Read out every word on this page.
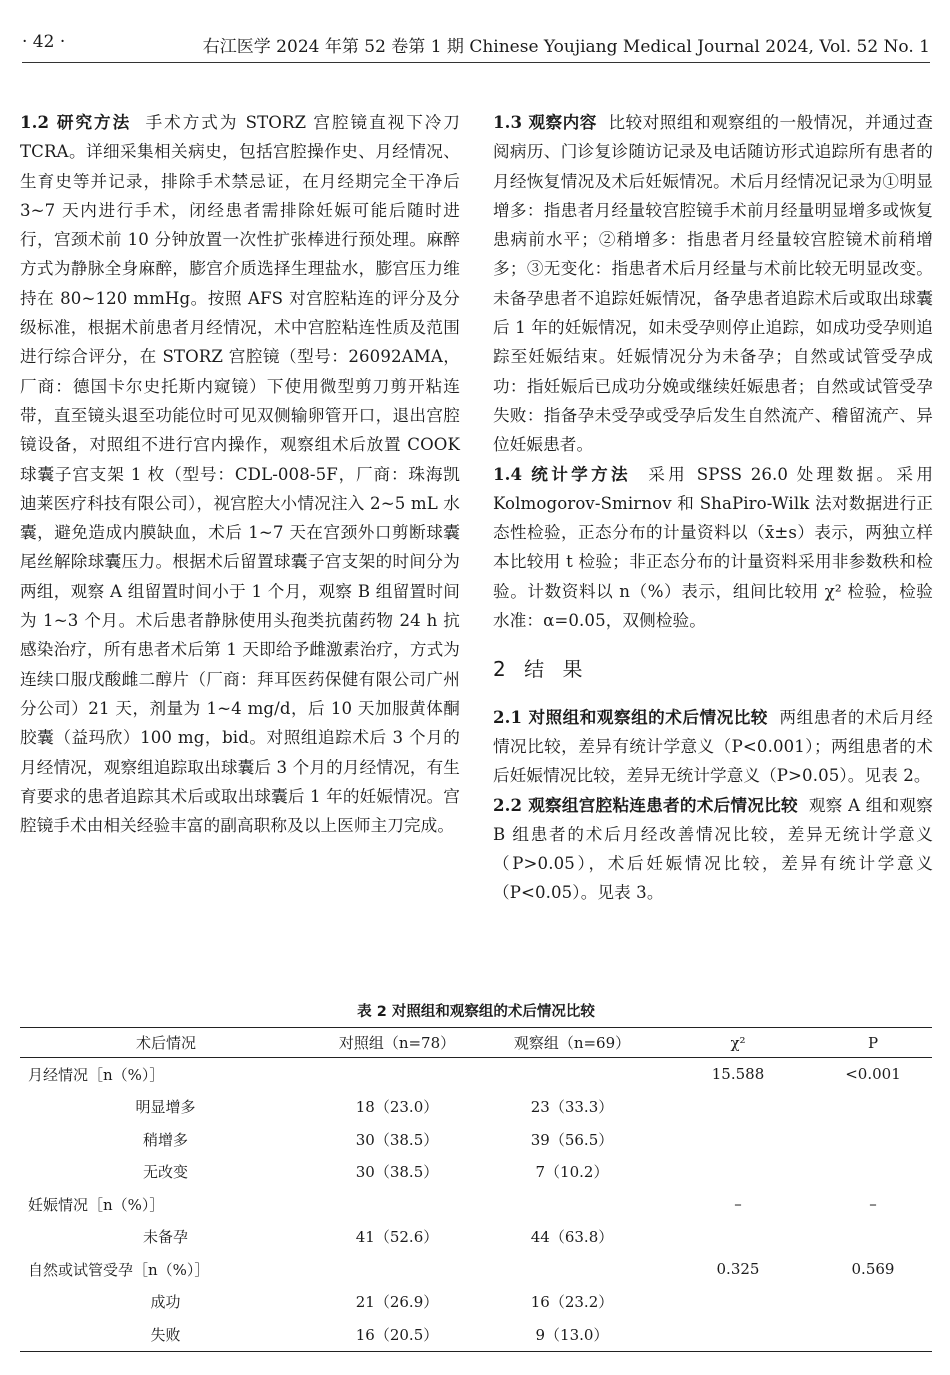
· 42 ·	右江医学 2024 年第 52 卷第 1 期 Chinese Youjiang Medical Journal 2024, Vol. 52 No. 1

1.2 研究方法 手术方式为 STORZ 宫腔镜直视下冷刀 TCRA。详细采集相关病史，包括宫腔操作史、月经情况、生育史等并记录，排除手术禁忌证，在月经期完全干净后 3~7 天内进行手术，闭经患者需排除妊娠可能后随时进行，宫颈术前 10 分钟放置一次性扩张棒进行预处理。麻醉方式为静脉全身麻醉，膨宫介质选择生理盐水，膨宫压力维持在 80~120 mmHg。按照 AFS 对宫腔粘连的评分及分级标准，根据术前患者月经情况，术中宫腔粘连性质及范围进行综合评分，在 STORZ 宫腔镜（型号：26092AMA，厂商：德国卡尔史托斯内窥镜）下使用微型剪刀剪开粘连带，直至镜头退至功能位时可见双侧输卵管开口，退出宫腔镜设备，对照组不进行宫内操作，观察组术后放置 COOK 球囊子宫支架 1 枚（型号：CDL-008-5F，厂商：珠海凯迪莱医疗科技有限公司），视宫腔大小情况注入 2~5 mL 水囊，避免造成内膜缺血，术后 1~7 天在宫颈外口剪断球囊尾丝解除球囊压力。根据术后留置球囊子宫支架的时间分为两组，观察 A 组留置时间小于 1 个月，观察 B 组留置时间为 1~3 个月。术后患者静脉使用头孢类抗菌药物 24 h 抗感染治疗，所有患者术后第 1 天即给予雌激素治疗，方式为连续口服戊酸雌二醇片（厂商：拜耳医药保健有限公司广州分公司）21 天，剂量为 1~4 mg/d，后 10 天加服黄体酮胶囊（益玛欣）100 mg，bid。对照组追踪术后 3 个月的月经情况，观察组追踪取出球囊后 3 个月的月经情况，有生育要求的患者追踪其术后或取出球囊后 1 年的妊娠情况。宫腔镜手术由相关经验丰富的副高职称及以上医师主刀完成。

1.3 观察内容 比较对照组和观察组的一般情况，并通过查阅病历、门诊复诊随访记录及电话随访形式追踪所有患者的月经恢复情况及术后妊娠情况。术后月经情况记录为①明显增多：指患者月经量较宫腔镜手术前月经量明显增多或恢复患病前水平；②稍增多：指患者月经量较宫腔镜术前稍增多；③无变化：指患者术后月经量与术前比较无明显改变。未备孕患者不追踪妊娠情况，备孕患者追踪术后或取出球囊后 1 年的妊娠情况，如未受孕则停止追踪，如成功受孕则追踪至妊娠结束。妊娠情况分为未备孕；自然或试管受孕成功：指妊娠后已成功分娩或继续妊娠患者；自然或试管受孕失败：指备孕未受孕或受孕后发生自然流产、稽留流产、异位妊娠患者。

1.4 统计学方法 采用 SPSS 26.0 处理数据。采用 Kolmogorov-Smirnov 和 ShaPiro-Wilk 法对数据进行正态性检验，正态分布的计量资料以（x̄±s）表示，两独立样本比较用 t 检验；非正态分布的计量资料采用非参数秩和检验。计数资料以 n（%）表示，组间比较用 χ² 检验，检验水准：α=0.05，双侧检验。

2 结 果

2.1 对照组和观察组的术后情况比较 两组患者的术后月经情况比较，差异有统计学意义（P<0.001）；两组患者的术后妊娠情况比较，差异无统计学意义（P>0.05）。见表 2。

2.2 观察组宫腔粘连患者的术后情况比较 观察 A 组和观察 B 组患者的术后月经改善情况比较，差异无统计学意义（P>0.05），术后妊娠情况比较，差异有统计学意义（P<0.05）。见表 3。

表 2 对照组和观察组的术后情况比较
术后情况	对照组（n=78）	观察组（n=69）	χ²	P
月经情况［n（%）］			15.588	<0.001
明显增多	18（23.0）	23（33.3）		
稍增多	30（38.5）	39（56.5）		
无改变	30（38.5）	7（10.2）		
妊娠情况［n（%）］			–	–
未备孕	41（52.6）	44（63.8）		
自然或试管受孕［n（%）］			0.325	0.569
成功	21（26.9）	16（23.2）		
失败	16（20.5）	9（13.0）		
